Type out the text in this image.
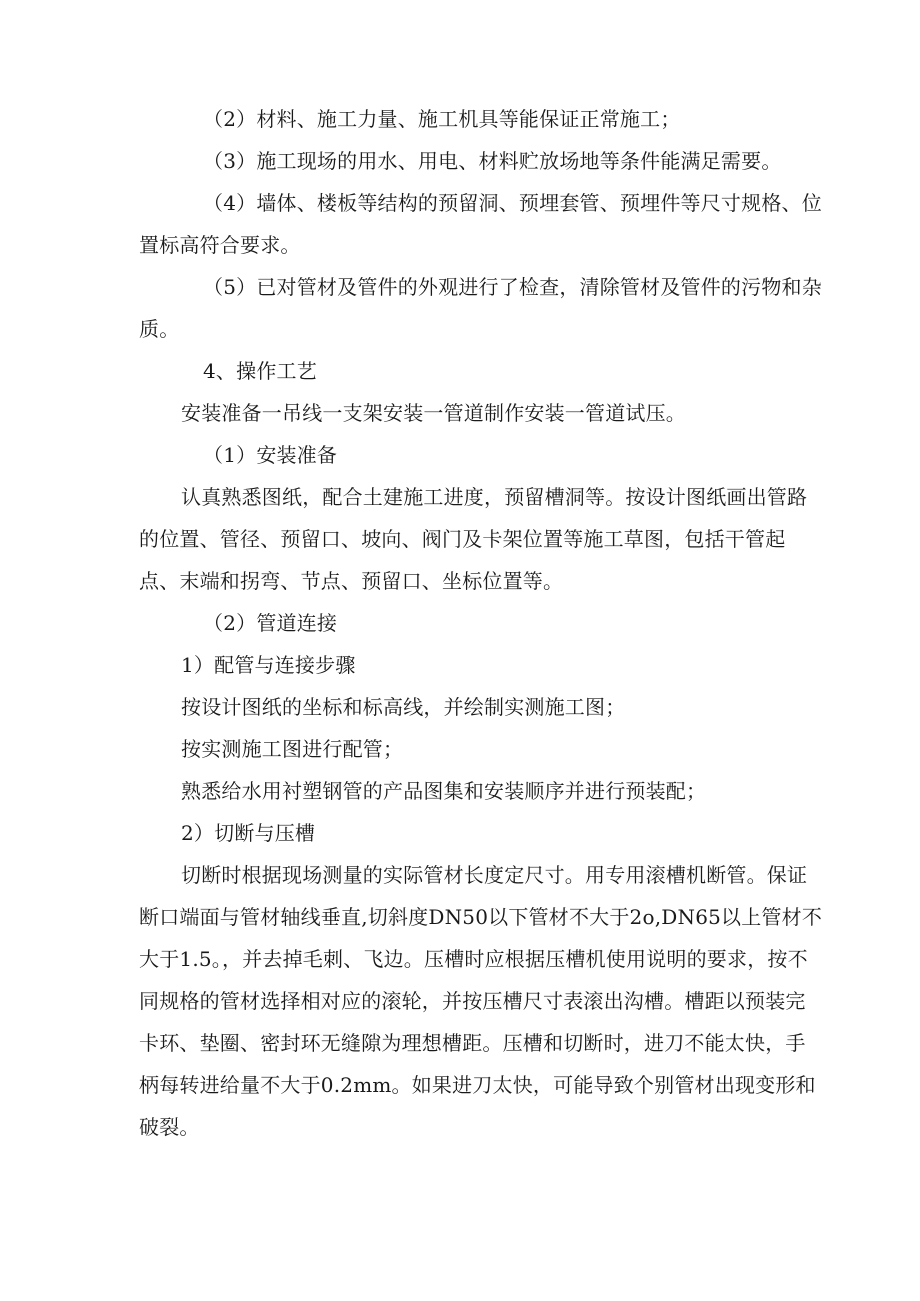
（2）材料、施工力量、施工机具等能保证正常施工；

（3）施工现场的用水、用电、材料贮放场地等条件能满足需要。

（4）墙体、楼板等结构的预留洞、预埋套管、预埋件等尺寸规格、位置标高符合要求。

（5）已对管材及管件的外观进行了检查，清除管材及管件的污物和杂质。

4、操作工艺

安装准备一吊线一支架安装一管道制作安装一管道试压。

（1）安装准备

认真熟悉图纸，配合土建施工进度，预留槽洞等。按设计图纸画出管路的位置、管径、预留口、坡向、阀门及卡架位置等施工草图，包括干管起点、末端和拐弯、节点、预留口、坐标位置等。

（2）管道连接

1）配管与连接步骤

按设计图纸的坐标和标高线，并绘制实测施工图；

按实测施工图进行配管；

熟悉给水用衬塑钢管的产品图集和安装顺序并进行预装配；

2）切断与压槽

切断时根据现场测量的实际管材长度定尺寸。用专用滚槽机断管。保证断口端面与管材轴线垂直,切斜度DN50以下管材不大于2o,DN65以上管材不大于1.5。，并去掉毛刺、飞边。压槽时应根据压槽机使用说明的要求，按不同规格的管材选择相对应的滚轮，并按压槽尺寸表滚出沟槽。槽距以预装完卡环、垫圈、密封环无缝隙为理想槽距。压槽和切断时，进刀不能太快，手柄每转进给量不大于0.2mm。如果进刀太快，可能导致个别管材出现变形和破裂。
